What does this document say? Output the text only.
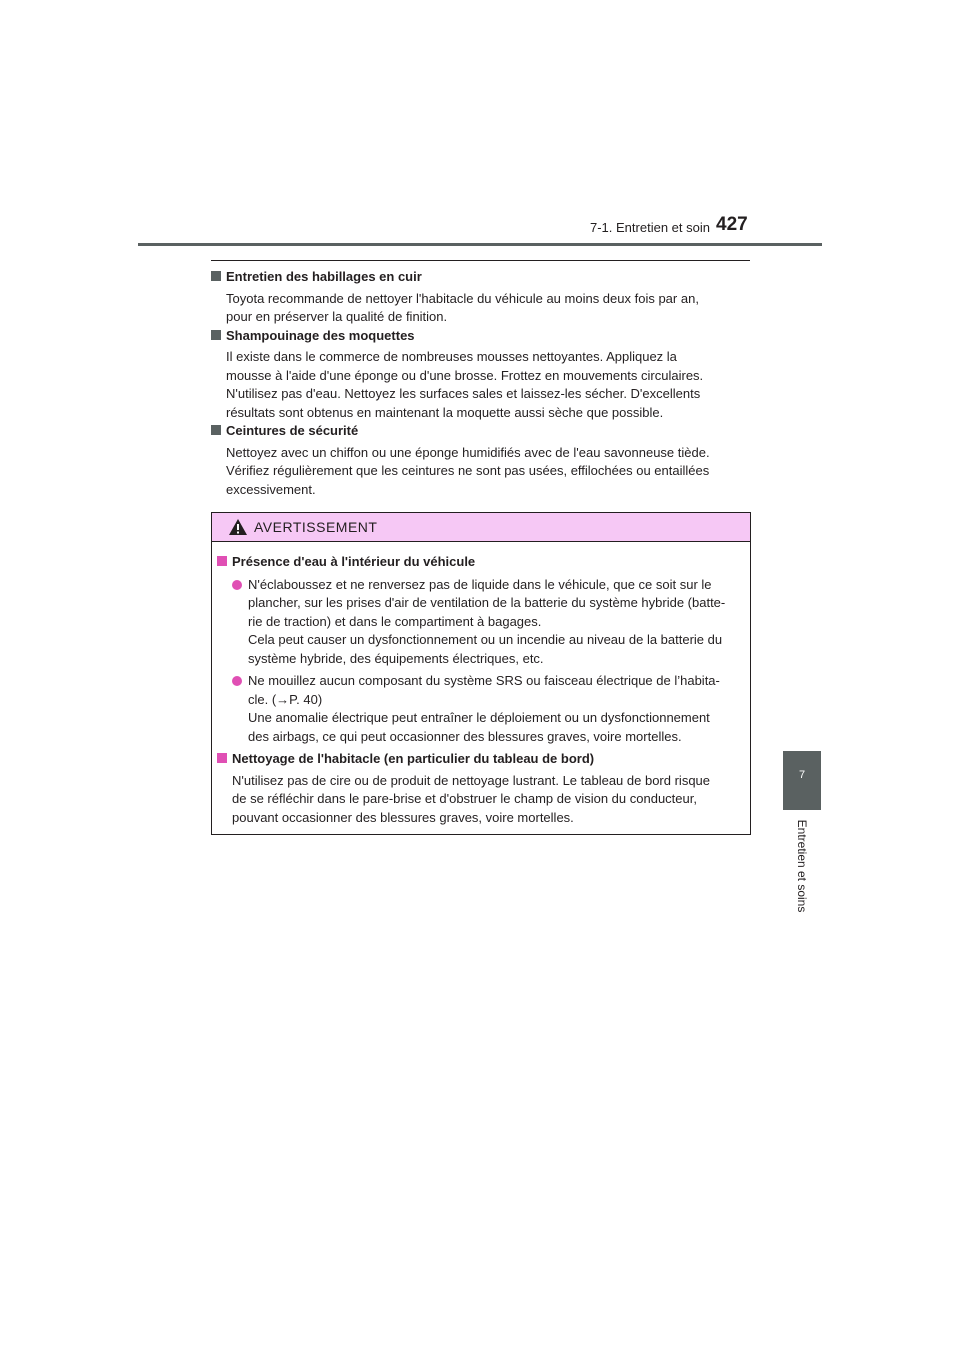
7-1. Entretien et soin 427
7
Entretien et soins
Entretien des habillages en cuir
Toyota recommande de nettoyer l'habitacle du véhicule au moins deux fois par an,
pour en préserver la qualité de finition.
Shampouinage des moquettes
Il existe dans le commerce de nombreuses mousses nettoyantes. Appliquez la
mousse à l'aide d'une éponge ou d'une brosse. Frottez en mouvements circulaires.
N'utilisez pas d'eau. Nettoyez les surfaces sales et laissez-les sécher. D'excellents
résultats sont obtenus en maintenant la moquette aussi sèche que possible.
Ceintures de sécurité
Nettoyez avec un chiffon ou une éponge humidifiés avec de l'eau savonneuse tiède.
Vérifiez régulièrement que les ceintures ne sont pas usées, effilochées ou entaillées
excessivement.
AVERTISSEMENT
Présence d'eau à l'intérieur du véhicule
N'éclaboussez et ne renversez pas de liquide dans le véhicule, que ce soit sur le
plancher, sur les prises d'air de ventilation de la batterie du système hybride (batte-
rie de traction) et dans le compartiment à bagages.
Cela peut causer un dysfonctionnement ou un incendie au niveau de la batterie du
système hybride, des équipements électriques, etc.
Ne mouillez aucun composant du système SRS ou faisceau électrique de l’habita-
cle. (→P. 40)
Une anomalie électrique peut entraîner le déploiement ou un dysfonctionnement
des airbags, ce qui peut occasionner des blessures graves, voire mortelles.
Nettoyage de l'habitacle (en particulier du tableau de bord)
N'utilisez pas de cire ou de produit de nettoyage lustrant. Le tableau de bord risque
de se réfléchir dans le pare-brise et d'obstruer le champ de vision du conducteur,
pouvant occasionner des blessures graves, voire mortelles.
